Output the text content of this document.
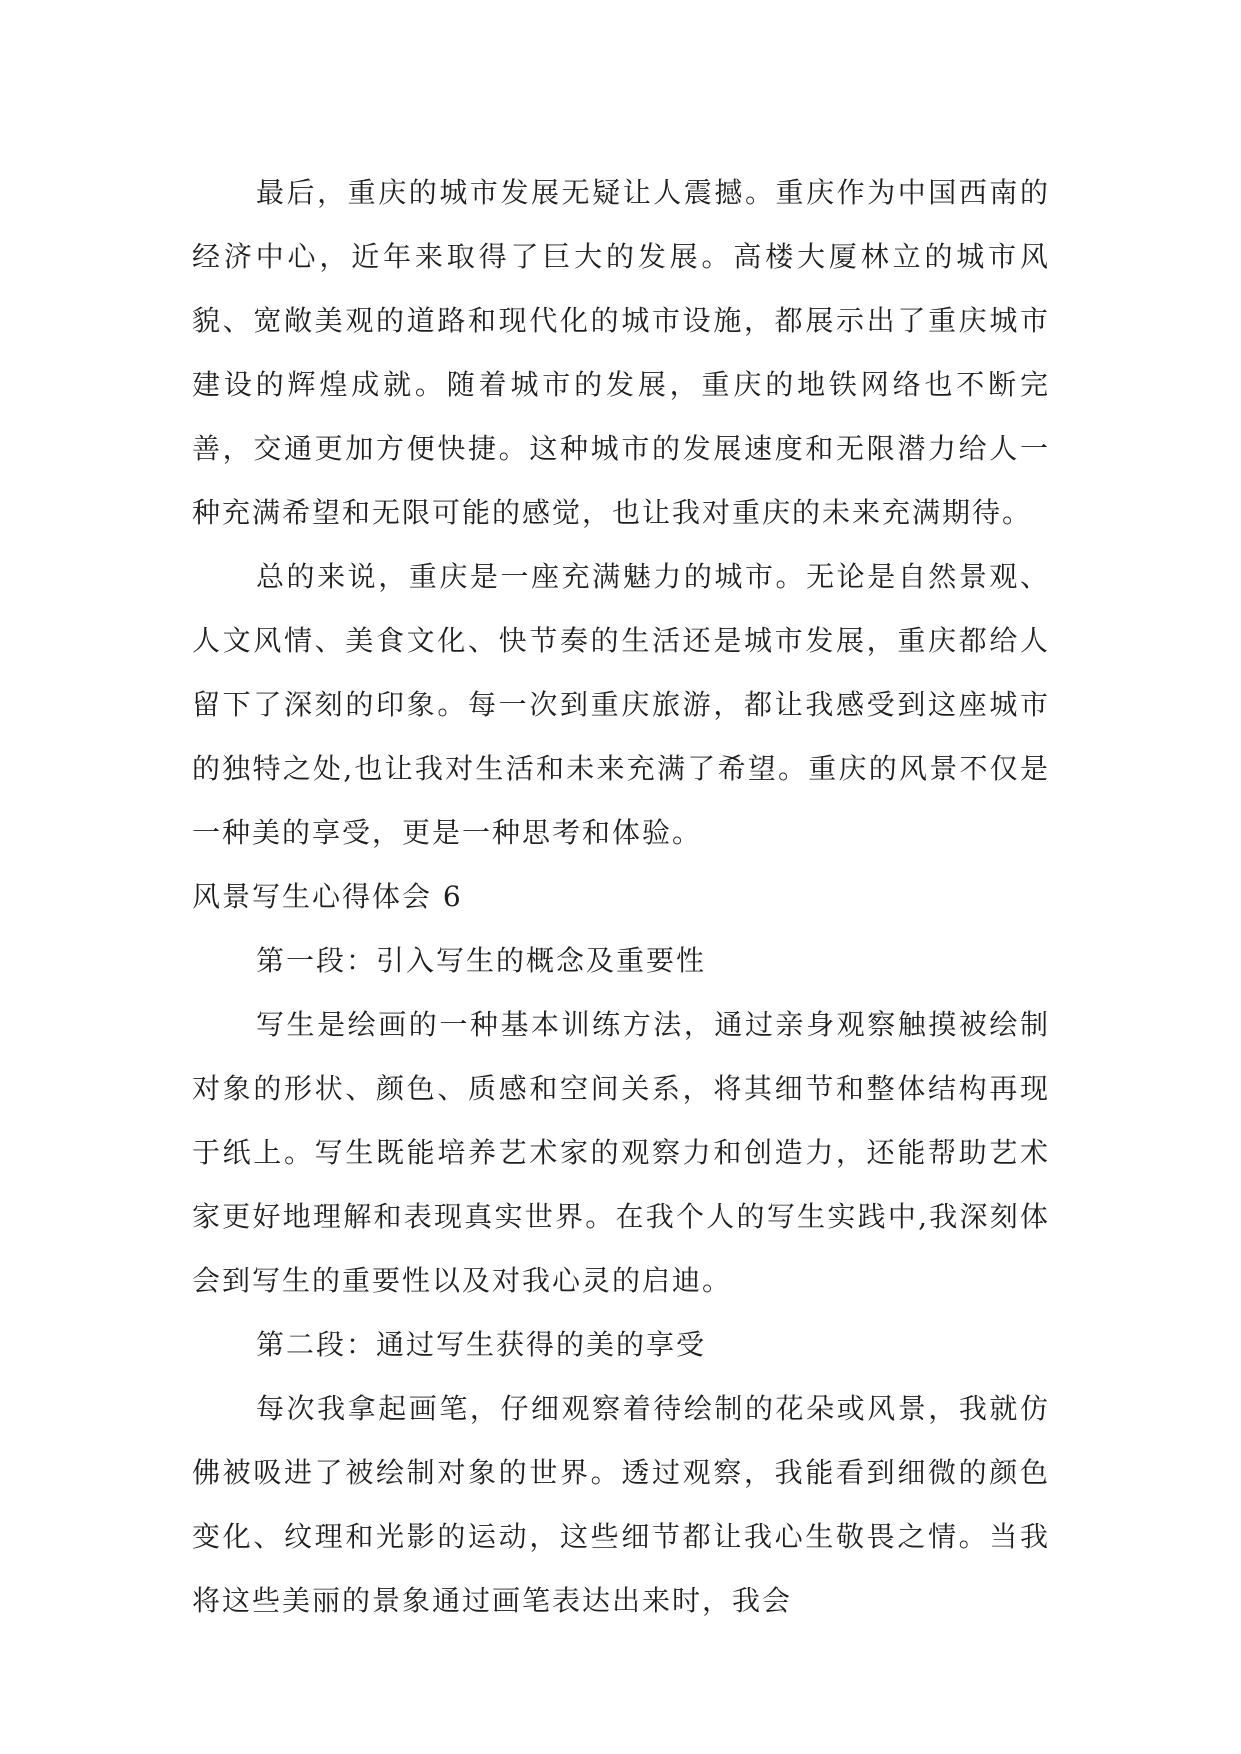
最后，重庆的城市发展无疑让人震撼。重庆作为中国西南的经济中心，近年来取得了巨大的发展。高楼大厦林立的城市风貌、宽敞美观的道路和现代化的城市设施，都展示出了重庆城市建设的辉煌成就。随着城市的发展，重庆的地铁网络也不断完善，交通更加方便快捷。这种城市的发展速度和无限潜力给人一种充满希望和无限可能的感觉，也让我对重庆的未来充满期待。

总的来说，重庆是一座充满魅力的城市。无论是自然景观、人文风情、美食文化、快节奏的生活还是城市发展，重庆都给人留下了深刻的印象。每一次到重庆旅游，都让我感受到这座城市的独特之处,也让我对生活和未来充满了希望。重庆的风景不仅是一种美的享受，更是一种思考和体验。

风景写生心得体会 6

第一段：引入写生的概念及重要性

写生是绘画的一种基本训练方法，通过亲身观察触摸被绘制对象的形状、颜色、质感和空间关系，将其细节和整体结构再现于纸上。写生既能培养艺术家的观察力和创造力，还能帮助艺术家更好地理解和表现真实世界。在我个人的写生实践中,我深刻体会到写生的重要性以及对我心灵的启迪。

第二段：通过写生获得的美的享受

每次我拿起画笔，仔细观察着待绘制的花朵或风景，我就仿佛被吸进了被绘制对象的世界。透过观察，我能看到细微的颜色变化、纹理和光影的运动，这些细节都让我心生敬畏之情。当我将这些美丽的景象通过画笔表达出来时，我会
